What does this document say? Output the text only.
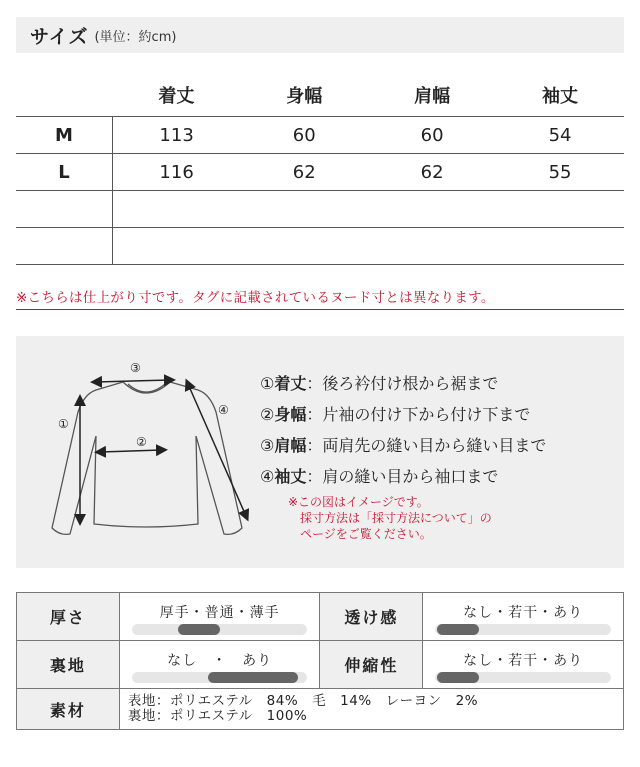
サイズ (単位：約cm)
	着丈	身幅	肩幅	袖丈
M	113	60	60	54
L	116	62	62	55

※こちらは仕上がり寸です。タグに記載されているヌード寸とは異なります。
①
②
③
④
①着丈：後ろ衿付け根から裾まで
②身幅：片袖の付け下から付け下まで
③肩幅：両肩先の縫い目から縫い目まで
④袖丈：肩の縫い目から袖口まで
※この図はイメージです。
採寸方法は「採寸方法について」の
ページをご覧ください。
厚さ	厚手・普通・薄手	透け感	なし・若干・あり

裏地	なし　・　あり	伸縮性	なし・若干・あり

素材	表地：ポリエステル　84%　毛　14%　レーヨン　2%
裏地：ポリエステル　100%		
